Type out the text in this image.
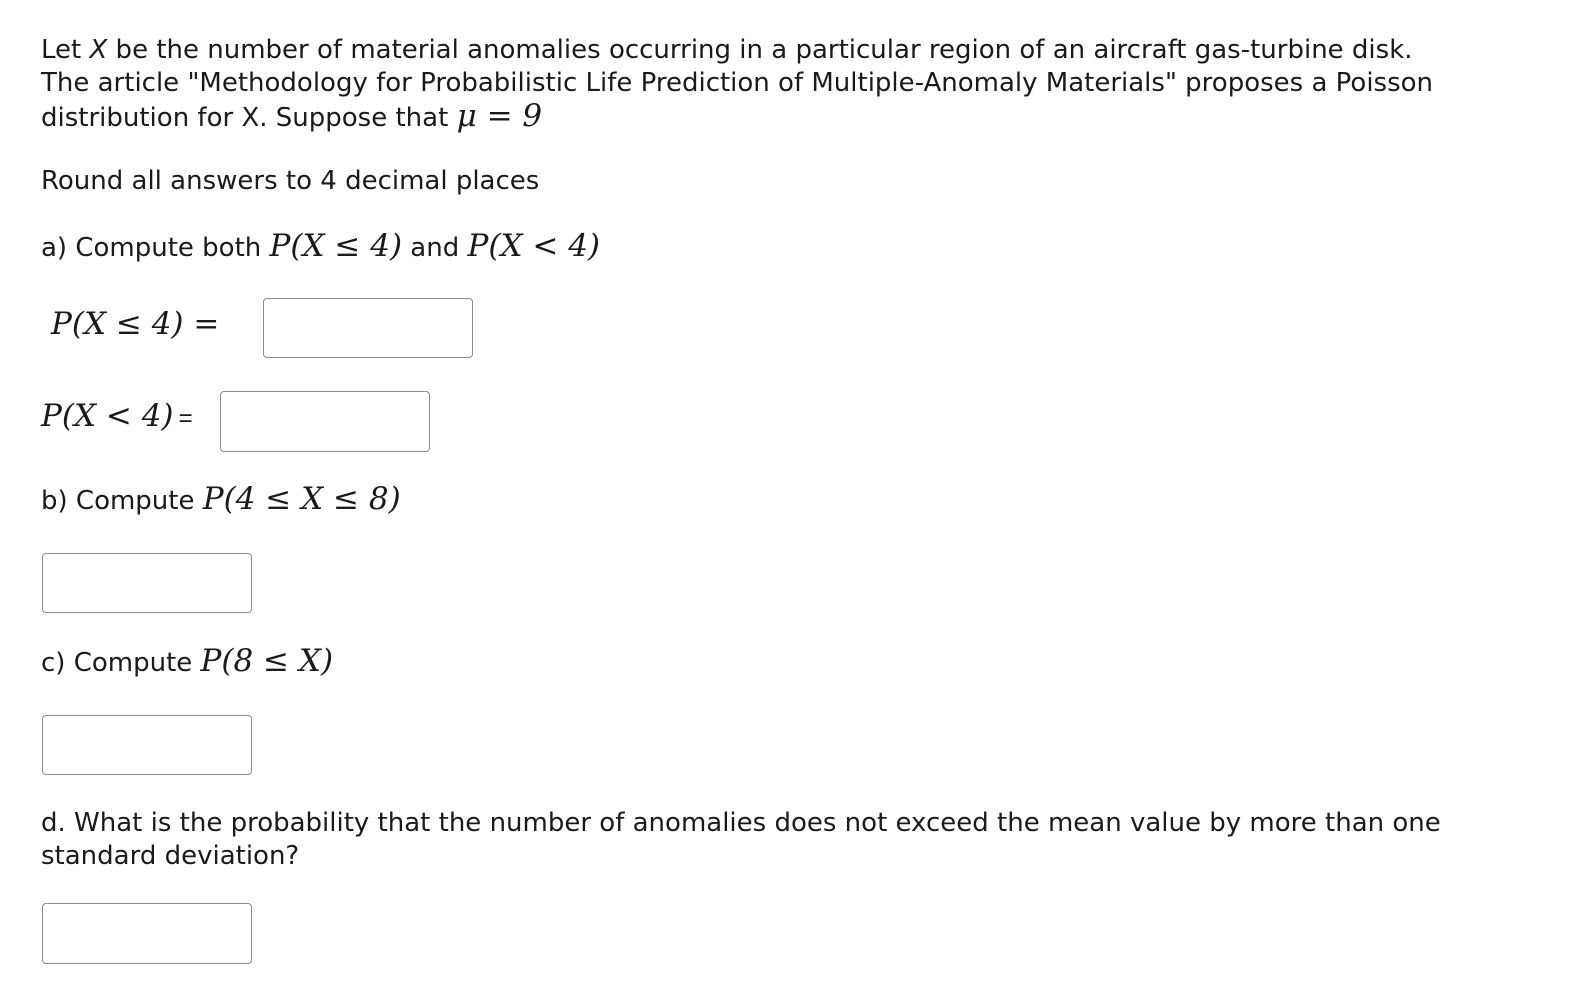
Let X be the number of material anomalies occurring in a particular region of an aircraft gas-turbine disk.
The article "Methodology for Probabilistic Life Prediction of Multiple-Anomaly Materials" proposes a Poisson
distribution for X. Suppose that μ = 9
Round all answers to 4 decimal places
a) Compute both P(X ≤ 4) and P(X < 4)
P(X ≤ 4) =
P(X < 4) =
b) Compute P(4 ≤ X ≤ 8)
c) Compute P(8 ≤ X)
d. What is the probability that the number of anomalies does not exceed the mean value by more than one
standard deviation?
